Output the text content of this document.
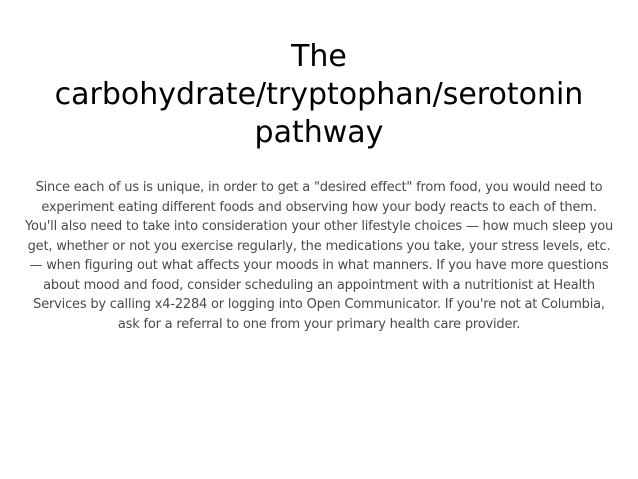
The
carbohydrate/tryptophan/serotonin
pathway

Since each of us is unique, in order to get a "desired effect" from food, you would need to experiment eating different foods and observing how your body reacts to each of them. You'll also need to take into consideration your other lifestyle choices — how much sleep you get, whether or not you exercise regularly, the medications you take, your stress levels, etc. — when figuring out what affects your moods in what manners. If you have more questions about mood and food, consider scheduling an appointment with a nutritionist at Health Services by calling x4-2284 or logging into Open Communicator. If you're not at Columbia, ask for a referral to one from your primary health care provider.
